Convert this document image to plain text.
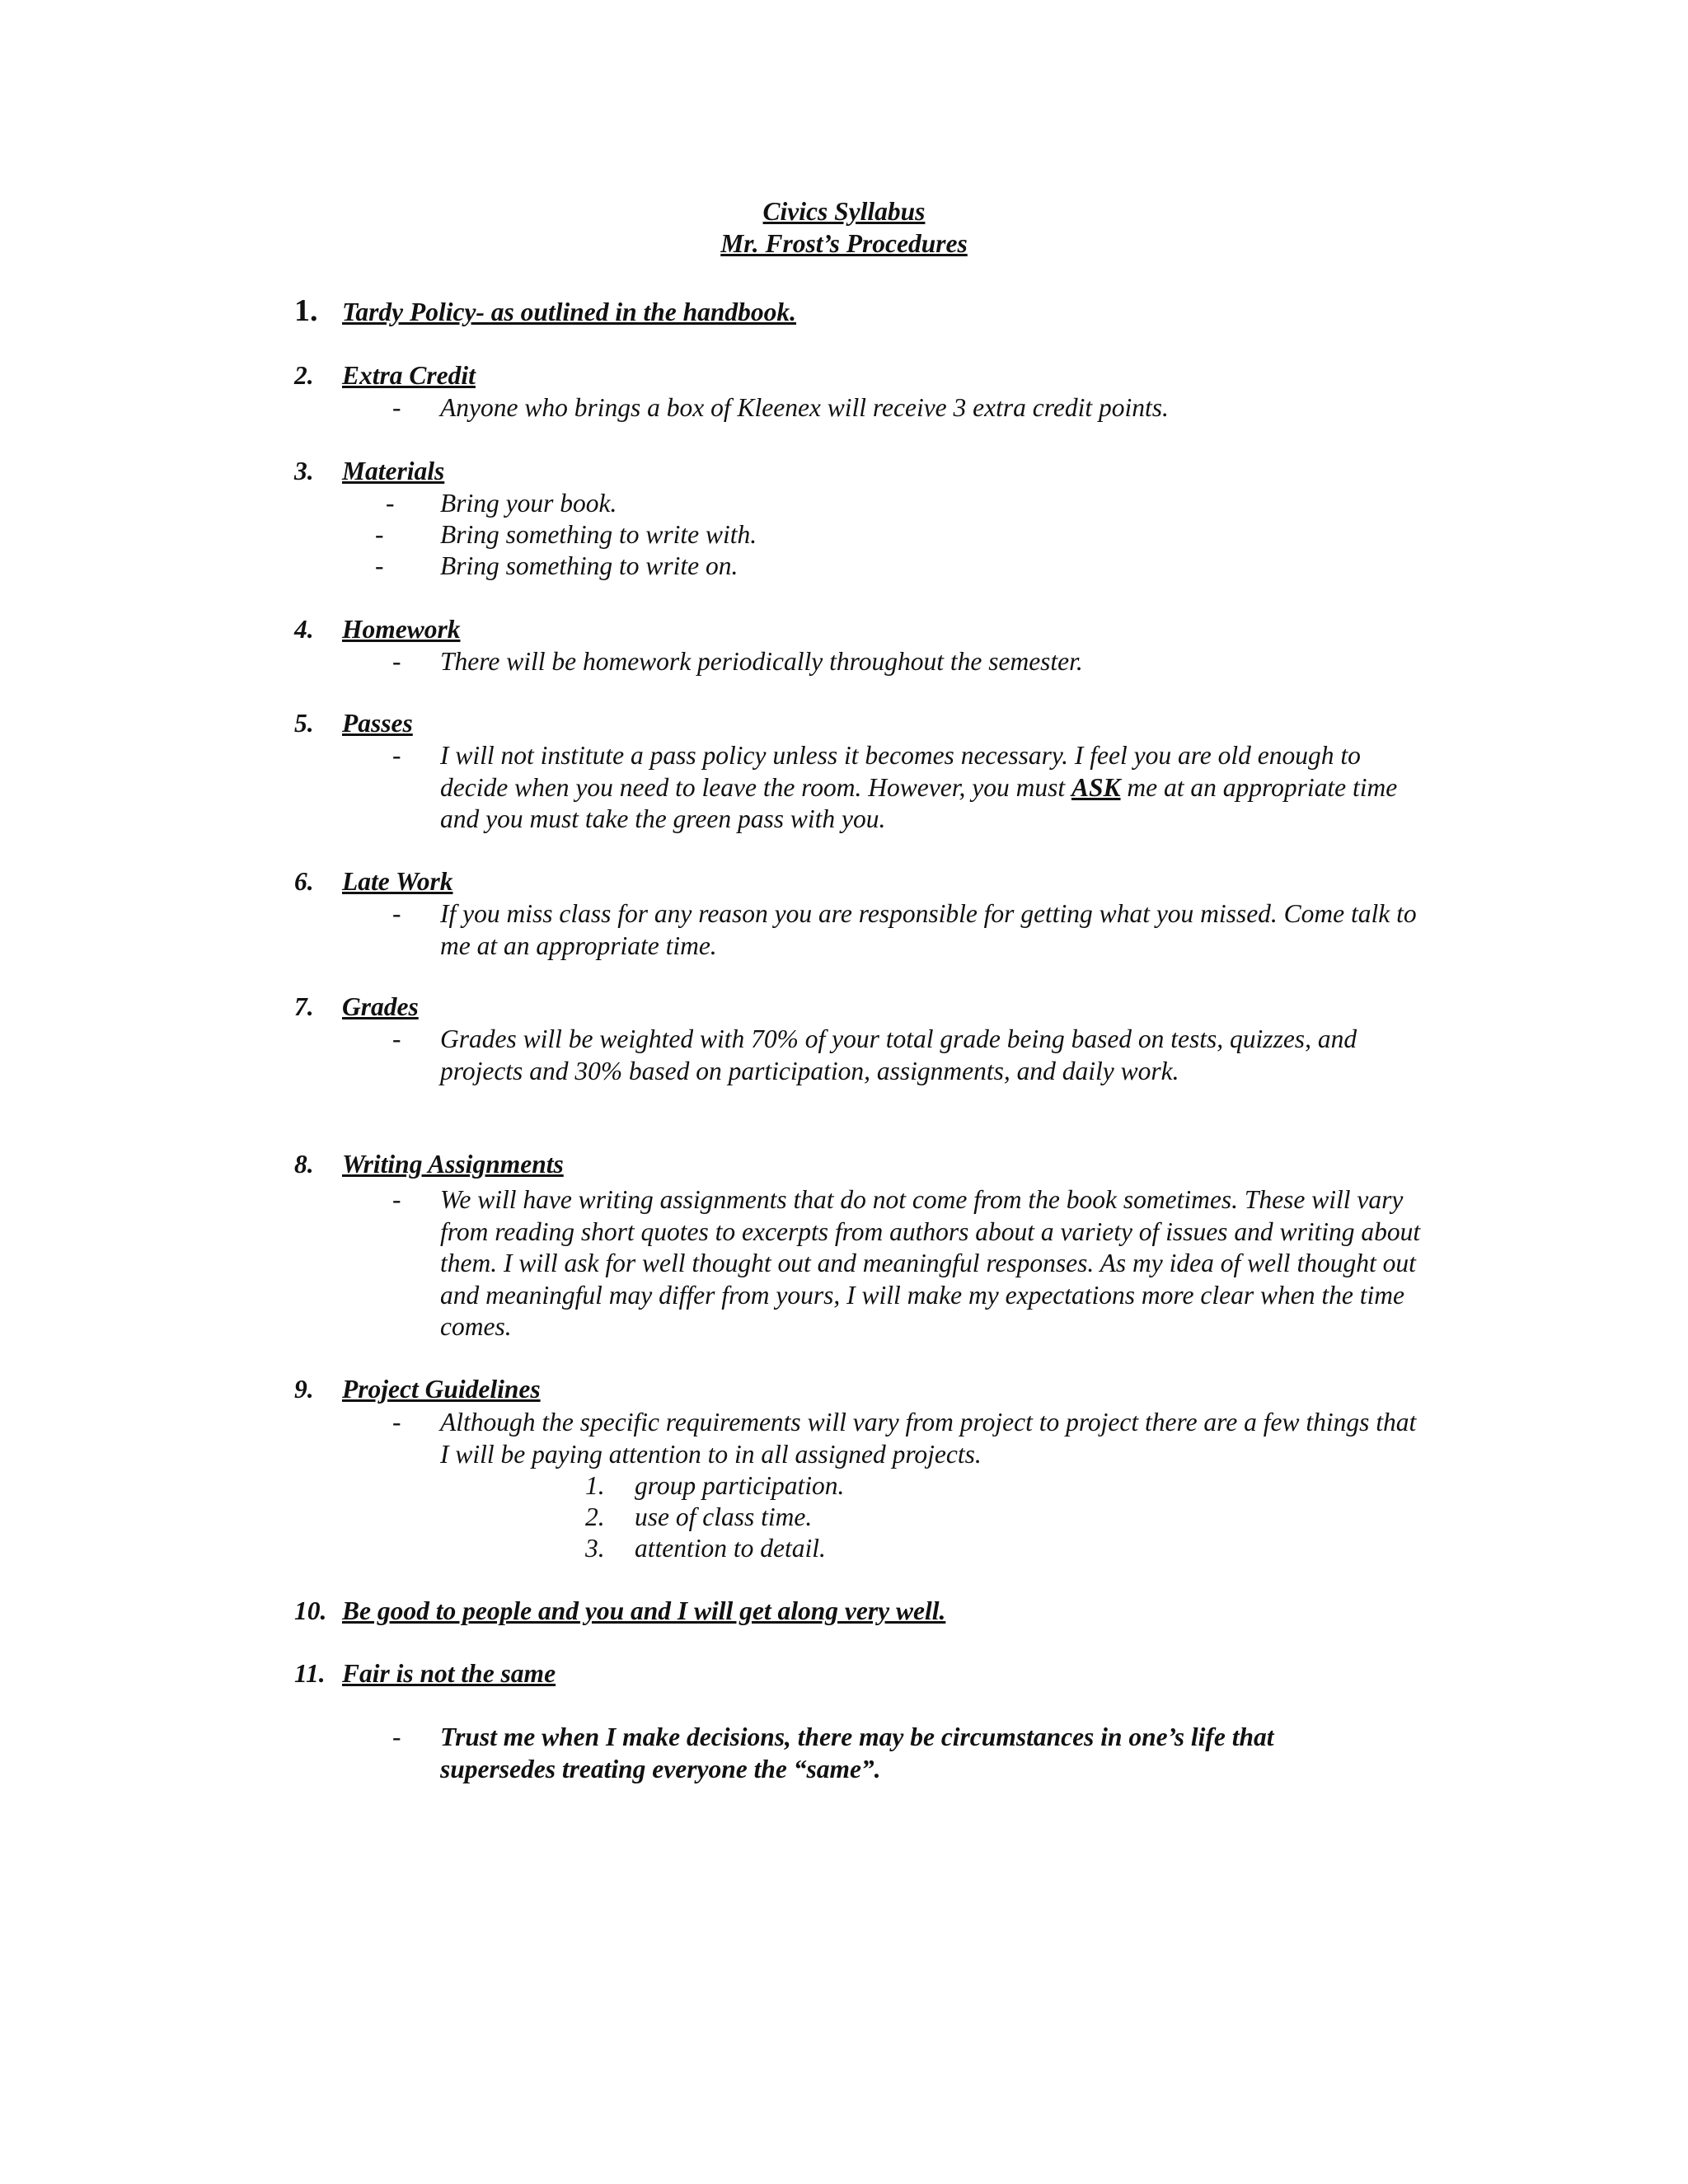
Civics Syllabus
Mr. Frost’s Procedures
1. Tardy Policy- as outlined in the handbook.
2. Extra Credit
- Anyone who brings a box of Kleenex will receive 3 extra credit points.
3. Materials
- Bring your book.
- Bring something to write with.
- Bring something to write on.
4. Homework
- There will be homework periodically throughout the semester.
5. Passes
- I will not institute a pass policy unless it becomes necessary. I feel you are old enough to decide when you need to leave the room. However, you must ASK me at an appropriate time and you must take the green pass with you.
6. Late Work
- If you miss class for any reason you are responsible for getting what you missed. Come talk to me at an appropriate time.
7. Grades
- Grades will be weighted with 70% of your total grade being based on tests, quizzes, and projects and 30% based on participation, assignments, and daily work.
8. Writing Assignments
- We will have writing assignments that do not come from the book sometimes. These will vary from reading short quotes to excerpts from authors about a variety of issues and writing about them. I will ask for well thought out and meaningful responses. As my idea of well thought out and meaningful may differ from yours, I will make my expectations more clear when the time comes.
9. Project Guidelines
- Although the specific requirements will vary from project to project there are a few things that I will be paying attention to in all assigned projects.
1. group participation.
2. use of class time.
3. attention to detail.
10. Be good to people and you and I will get along very well.
11. Fair is not the same
- Trust me when I make decisions, there may be circumstances in one’s life that supersedes treating everyone the “same”.
